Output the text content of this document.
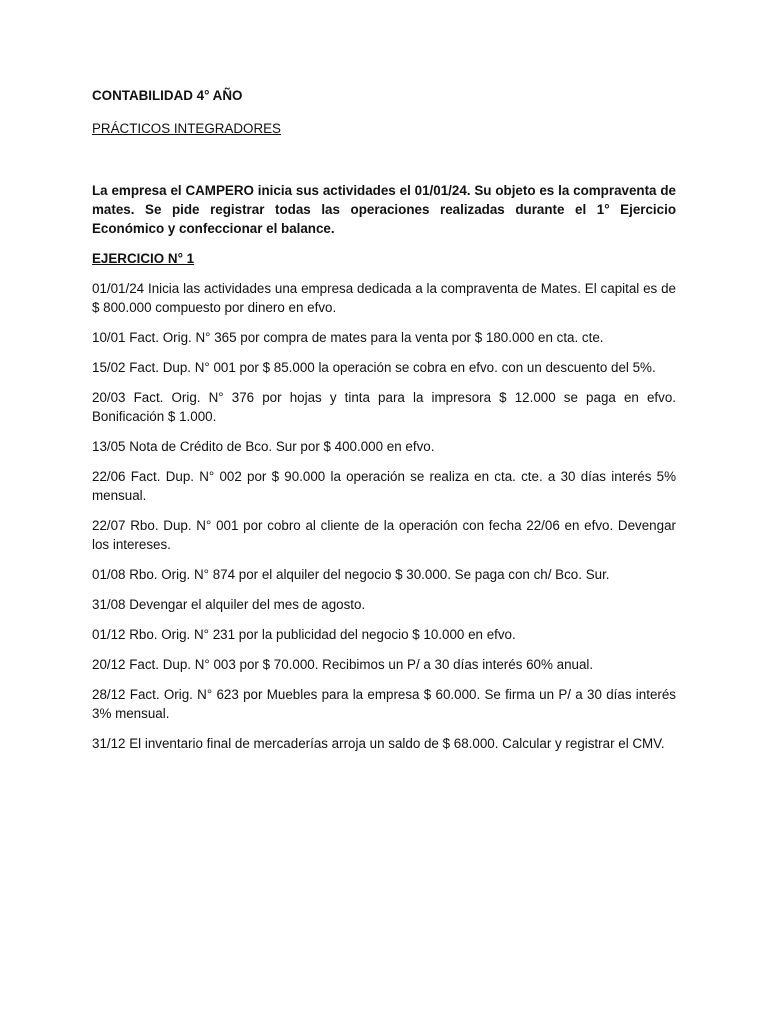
CONTABILIDAD 4° AÑO
PRÁCTICOS INTEGRADORES
La empresa el CAMPERO inicia sus actividades el 01/01/24. Su objeto es la compraventa de mates. Se pide registrar todas las operaciones realizadas durante el 1° Ejercicio Económico y confeccionar el balance.
EJERCICIO N° 1
01/01/24 Inicia las actividades una empresa dedicada a la compraventa de Mates. El capital es de $ 800.000 compuesto por dinero en efvo.
10/01 Fact. Orig. N° 365 por compra de mates para la venta por $ 180.000 en cta. cte.
15/02 Fact. Dup. N° 001 por $ 85.000 la operación se cobra en efvo. con un descuento del 5%.
20/03 Fact. Orig. N° 376 por hojas y tinta para la impresora $ 12.000 se paga en efvo. Bonificación $ 1.000.
13/05 Nota de Crédito de Bco. Sur por $ 400.000 en efvo.
22/06 Fact. Dup. N° 002 por $ 90.000 la operación se realiza en cta. cte. a 30 días interés 5% mensual.
22/07 Rbo. Dup. N° 001 por cobro al cliente de la operación con fecha 22/06 en efvo. Devengar los intereses.
01/08 Rbo. Orig. N° 874 por el alquiler del negocio $ 30.000. Se paga con ch/ Bco. Sur.
31/08 Devengar el alquiler del mes de agosto.
01/12 Rbo. Orig. N° 231 por la publicidad del negocio $ 10.000 en efvo.
20/12 Fact. Dup. N° 003 por $ 70.000. Recibimos un P/ a 30 días interés 60% anual.
28/12 Fact. Orig. N° 623 por Muebles para la empresa $ 60.000. Se firma un P/ a 30 días interés 3% mensual.
31/12 El inventario final de mercaderías arroja un saldo de $ 68.000. Calcular y registrar el CMV.
